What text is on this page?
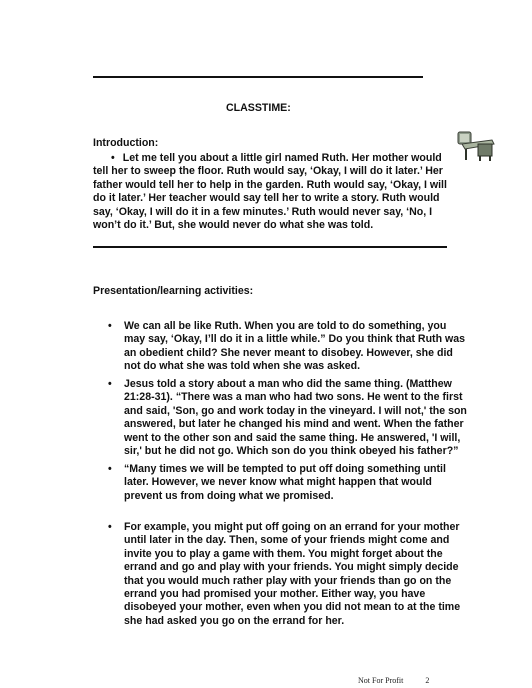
CLASSTIME:
Introduction:
• Let me tell you about a little girl named Ruth. Her mother would tell her to sweep the floor. Ruth would say, ‘Okay, I will do it later.’ Her father would tell her to help in the garden. Ruth would say, ‘Okay, I will do it later.’ Her teacher would say tell her to write a story. Ruth would say, ‘Okay, I will do it in a few minutes.’ Ruth would never say, ‘No, I won’t do it.’ But, she would never do what she was told.
Presentation/learning activities:
• We can all be like Ruth. When you are told to do something, you may say, ‘Okay, I’ll do it in a little while.” Do you think that Ruth was an obedient child? She never meant to disobey. However, she did not do what she was told when she was asked.
• Jesus told a story about a man who did the same thing. (Matthew 21:28-31). “There was a man who had two sons. He went to the first and said, 'Son, go and work today in the vineyard. I will not,' the son answered, but later he changed his mind and went. When the father went to the other son and said the same thing. He answered, 'I will, sir,' but he did not go. Which son do you think obeyed his father?”
• “Many times we will be tempted to put off doing something until later. However, we never know what might happen that would prevent us from doing what we promised.
• For example, you might put off going on an errand for your mother until later in the day. Then, some of your friends might come and invite you to play a game with them. You might forget about the errand and go and play with your friends. You might simply decide that you would much rather play with your friends than go on the errand you had promised your mother. Either way, you have disobeyed your mother, even when you did not mean to at the time she had asked you go on the errand for her.
Not For Profit	2
